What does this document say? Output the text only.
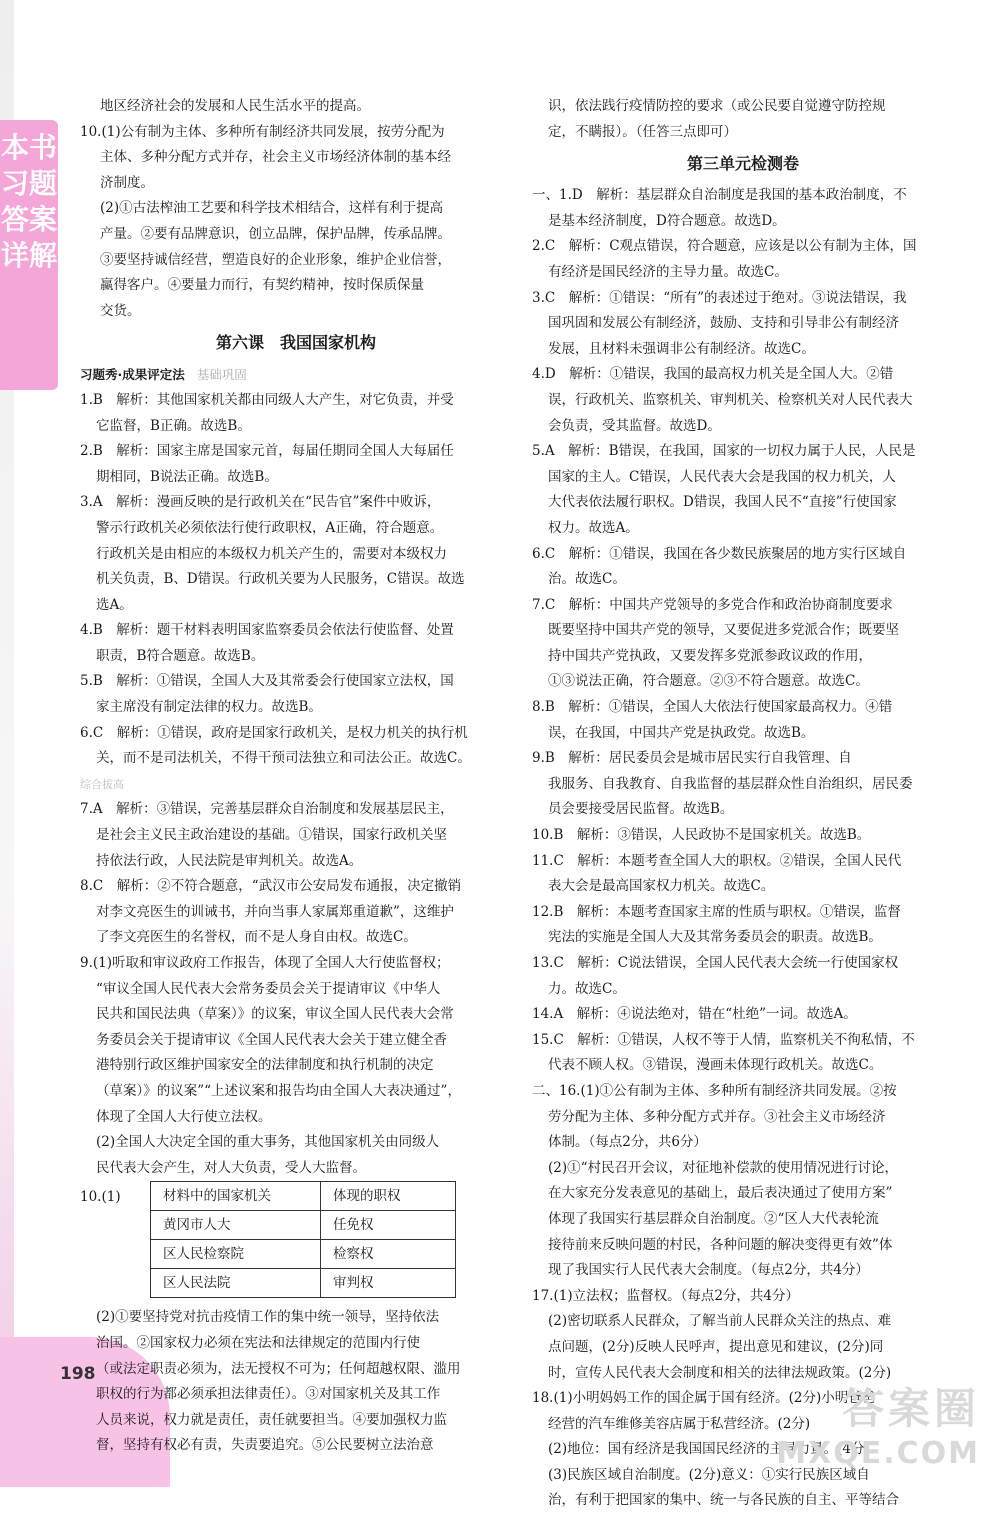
本书习题答案详解
198
地区经济社会的发展和人民生活水平的提高。
10.(1)公有制为主体、多种所有制经济共同发展，按劳分配为
主体、多种分配方式并存，社会主义市场经济体制的基本经
济制度。
(2)①古法榨油工艺要和科学技术相结合，这样有利于提高
产量。②要有品牌意识，创立品牌，保护品牌，传承品牌。
③要坚持诚信经营，塑造良好的企业形象，维护企业信誉，
赢得客户。④要量力而行，有契约精神，按时保质保量
交货。
第六课　我国国家机构
习题秀·成果评定法 基础巩固
1.B　解析：其他国家机关都由同级人大产生，对它负责，并受
它监督，B正确。故选B。
2.B　解析：国家主席是国家元首，每届任期同全国人大每届任
期相同，B说法正确。故选B。
3.A　解析：漫画反映的是行政机关在“民告官”案件中败诉，
警示行政机关必须依法行使行政职权，A正确，符合题意。
行政机关是由相应的本级权力机关产生的，需要对本级权力
机关负责，B、D错误。行政机关要为人民服务，C错误。故选
选A。
4.B　解析：题干材料表明国家监察委员会依法行使监督、处置
职责，B符合题意。故选B。
5.B　解析：①错误，全国人大及其常委会行使国家立法权，国
家主席没有制定法律的权力。故选B。
6.C　解析：①错误，政府是国家行政机关，是权力机关的执行机
关，而不是司法机关，不得干预司法独立和司法公正。故选C。
综合拔高
7.A　解析：③错误，完善基层群众自治制度和发展基层民主，
是社会主义民主政治建设的基础。①错误，国家行政机关坚
持依法行政，人民法院是审判机关。故选A。
8.C　解析：②不符合题意，“武汉市公安局发布通报，决定撤销
对李文亮医生的训诫书，并向当事人家属郑重道歉”，这维护
了李文亮医生的名誉权，而不是人身自由权。故选C。
9.(1)听取和审议政府工作报告，体现了全国人大行使监督权；
“审议全国人民代表大会常务委员会关于提请审议《中华人
民共和国民法典（草案）》的议案，审议全国人民代表大会常
务委员会关于提请审议《全国人民代表大会关于建立健全香
港特别行政区维护国家安全的法律制度和执行机制的决定
（草案）》的议案”“上述议案和报告均由全国人大表决通过”，
体现了全国人大行使立法权。
(2)全国人大决定全国的重大事务，其他国家机关由同级人
民代表大会产生，对人大负责，受人大监督。
10.(1)	材料中的国家机关	体现的职权
黄冈市人大	任免权
区人民检察院	检察权
区人民法院	审判权
(2)①要坚持党对抗击疫情工作的集中统一领导，坚持依法
治国。②国家权力必须在宪法和法律规定的范围内行使
（或法定职责必须为，法无授权不可为；任何超越权限、滥用
职权的行为都必须承担法律责任）。③对国家机关及其工作
人员来说，权力就是责任，责任就要担当。④要加强权力监
督，坚持有权必有责，失责要追究。⑤公民要树立法治意
识，依法践行疫情防控的要求（或公民要自觉遵守防控规
定，不瞒报）。（任答三点即可）
第三单元检测卷
一、1.D　解析：基层群众自治制度是我国的基本政治制度，不
是基本经济制度，D符合题意。故选D。
2.C　解析：C观点错误，符合题意，应该是以公有制为主体，国
有经济是国民经济的主导力量。故选C。
3.C　解析：①错误：“所有”的表述过于绝对。③说法错误，我
国巩固和发展公有制经济，鼓励、支持和引导非公有制经济
发展，且材料未强调非公有制经济。故选C。
4.D　解析：①错误，我国的最高权力机关是全国人大。②错
误，行政机关、监察机关、审判机关、检察机关对人民代表大
会负责，受其监督。故选D。
5.A　解析：B错误，在我国，国家的一切权力属于人民，人民是
国家的主人。C错误，人民代表大会是我国的权力机关，人
大代表依法履行职权。D错误，我国人民不“直接”行使国家
权力。故选A。
6.C　解析：①错误，我国在各少数民族聚居的地方实行区域自
治。故选C。
7.C　解析：中国共产党领导的多党合作和政治协商制度要求
既要坚持中国共产党的领导，又要促进多党派合作；既要坚
持中国共产党执政，又要发挥多党派参政议政的作用，
①③说法正确，符合题意。②③不符合题意。故选C。
8.B　解析：①错误，全国人大依法行使国家最高权力。④错
误，在我国，中国共产党是执政党。故选B。
9.B　解析：居民委员会是城市居民实行自我管理、自
我服务、自我教育、自我监督的基层群众性自治组织，居民委
员会要接受居民监督。故选B。
10.B　解析：③错误，人民政协不是国家机关。故选B。
11.C　解析：本题考查全国人大的职权。②错误，全国人民代
表大会是最高国家权力机关。故选C。
12.B　解析：本题考查国家主席的性质与职权。①错误，监督
宪法的实施是全国人大及其常务委员会的职责。故选B。
13.C　解析：C说法错误，全国人民代表大会统一行使国家权
力。故选C。
14.A　解析：④说法绝对，错在“杜绝”一词。故选A。
15.C　解析：①错误，人权不等于人情，监察机关不徇私情，不
代表不顾人权。③错误，漫画未体现行政机关。故选C。
二、16.(1)①公有制为主体、多种所有制经济共同发展。②按
劳分配为主体、多种分配方式并存。③社会主义市场经济
体制。（每点2分，共6分）
(2)①“村民召开会议，对征地补偿款的使用情况进行讨论，
在大家充分发表意见的基础上，最后表决通过了使用方案”
体现了我国实行基层群众自治制度。②“区人大代表轮流
接待前来反映问题的村民，各种问题的解决变得更有效”体
现了我国实行人民代表大会制度。（每点2分，共4分）
17.(1)立法权；监督权。（每点2分，共4分）
(2)密切联系人民群众，了解当前人民群众关注的热点、难
点问题，(2分)反映人民呼声，提出意见和建议，(2分)同
时，宣传人民代表大会制度和相关的法律法规政策。(2分)
18.(1)小明妈妈工作的国企属于国有经济。(2分)小明爸爸
经营的汽车维修美容店属于私营经济。(2分)
(2)地位：国有经济是我国国民经济的主导力量。(4分)
(3)民族区域自治制度。(2分)意义：①实行民族区域自
治，有利于把国家的集中、统一与各民族的自主、平等结合
答案圈
MXQE.COM
